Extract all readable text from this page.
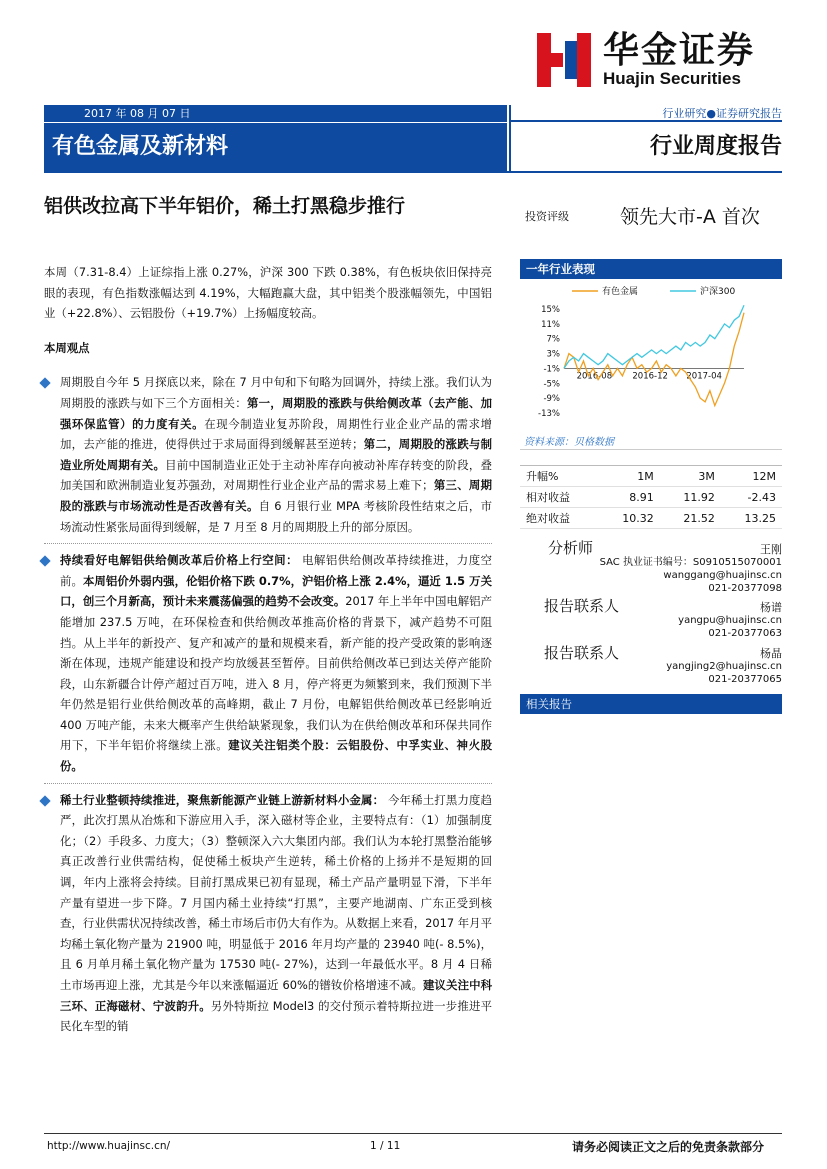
华金证券
Huajin Securities
2017 年 08 月 07 日
有色金属及新材料
行业研究●证券研究报告
行业周度报告
铝供改拉高下半年铝价，稀土打黑稳步推行	投资评级	领先大市-A 首次

本周（7.31-8.4）上证综指上涨 0.27%，沪深 300 下跌 0.38%，有色板块依旧保持亮眼的表现，有色指数涨幅达到 4.19%，大幅跑赢大盘，其中铝类个股涨幅领先，中国铝业（+22.8%）、云铝股份（+19.7%）上扬幅度较高。

本周观点
周期股自今年 5 月探底以来，除在 7 月中旬和下旬略为回调外，持续上涨。我们认为周期股的涨跌与如下三个方面相关：第一，周期股的涨跌与供给侧改革（去产能、加强环保监管）的力度有关。在现今制造业复苏阶段，周期性行业企业产品的需求增加，去产能的推进，使得供过于求局面得到缓解甚至逆转；第二，周期股的涨跌与制造业所处周期有关。目前中国制造业正处于主动补库存向被动补库存转变的阶段，叠加美国和欧洲制造业复苏强劲，对周期性行业企业产品的需求易上难下；第三、周期股的涨跌与市场流动性是否改善有关。自 6 月银行业 MPA 考核阶段性结束之后，市场流动性紧张局面得到缓解，是 7 月至 8 月的周期股上升的部分原因。
持续看好电解铝供给侧改革后价格上行空间： 电解铝供给侧改革持续推进，力度空前。本周铝价外弱内强，伦铝价格下跌 0.7%，沪铝价格上涨 2.4%，逼近 1.5 万关口，创三个月新高，预计未来震荡偏强的趋势不会改变。2017 年上半年中国电解铝产能增加 237.5 万吨，在环保检查和供给侧改革推高价格的背景下，减产趋势不可阻挡。从上半年的新投产、复产和减产的量和规模来看，新产能的投产受政策的影响逐渐在体现，违规产能建设和投产均放缓甚至暂停。目前供给侧改革已到达关停产能阶段，山东新疆合计停产超过百万吨，进入 8 月，停产将更为频繁到来，我们预测下半年仍然是铝行业供给侧改革的高峰期，截止 7 月份，电解铝供给侧改革已经影响近 400 万吨产能，未来大概率产生供给缺紧现象，我们认为在供给侧改革和环保共同作用下，下半年铝价将继续上涨。建议关注铝类个股：云铝股份、中孚实业、神火股份。
稀土行业整顿持续推进，聚焦新能源产业链上游新材料小金属： 今年稀土打黑力度趋严，此次打黑从冶炼和下游应用入手，深入磁材等企业，主要特点有：（1）加强制度化；（2）手段多、力度大；（3）整顿深入六大集团内部。我们认为本轮打黑整治能够真正改善行业供需结构，促使稀土板块产生逆转，稀土价格的上扬并不是短期的回调，年内上涨将会持续。目前打黑成果已初有显现，稀土产品产量明显下滑，下半年产量有望进一步下降。7 月国内稀土业持续“打黑”，主要产地湖南、广东正受到核查，行业供需状况持续改善，稀土市场后市仍大有作为。从数据上来看，2017 年月平均稀土氧化物产量为 21900 吨，明显低于 2016 年月均产量的 23940 吨(- 8.5%)，且 6 月单月稀土氧化物产量为 17530 吨(- 27%)，达到一年最低水平。8 月 4 日稀土市场再迎上涨，尤其是今年以来涨幅逼近 60%的镨钕价格增速不减。建议关注中科三环、正海磁材、宁波韵升。另外特斯拉 Model3 的交付预示着特斯拉进一步推进平民化车型的销
一年行业表现
有色金属	沪深300
15%
11%
7%
3%
-1%
-5%
-9%
-13%
2016-08 2016-12 2017-04
资料来源：贝格数据
升幅%	1M	3M	12M
相对收益	8.91	11.92	-2.43
绝对收益	10.32	21.52	13.25
分析师	王刚
SAC 执业证书编号：S0910515070001
wanggang@huajinsc.cn
021-20377098
报告联系人	杨谱
yangpu@huajinsc.cn
021-20377063
报告联系人	杨晶
yangjing2@huajinsc.cn
021-20377065
相关报告
http://www.huajinsc.cn/	1 / 11	请务必阅读正文之后的免责条款部分
